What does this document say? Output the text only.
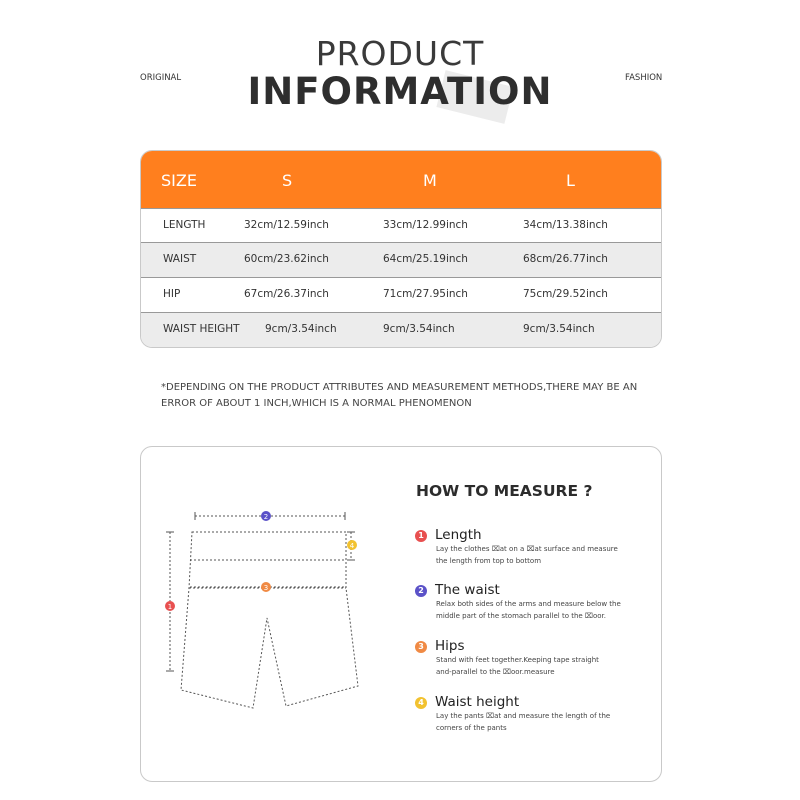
PRODUCT
INFORMATION
ORIGINAL	FASHION
SIZE	S	M	L
LENGTH	32cm/12.59inch	33cm/12.99inch	34cm/13.38inch
WAIST	60cm/23.62inch	64cm/25.19inch	68cm/26.77inch
HIP	67cm/26.37inch	71cm/27.95inch	75cm/29.52inch
WAIST HEIGHT 9cm/3.54inch	9cm/3.54inch	9cm/3.54inch
*DEPENDING ON THE PRODUCT ATTRIBUTES AND MEASUREMENT METHODS,THERE MAY BE AN
ERROR OF ABOUT 1 INCH,WHICH IS A NORMAL PHENOMENON
1
2
3
4
HOW TO MEASURE ?
1 Length
Lay the clothes ⌧at on a ⌧at surface and measure
the length from top to bottom
2 The waist
Relax both sides of the arms and measure below the
middle part of the stomach parallel to the ⌧oor.
3 Hips
Stand with feet together.Keeping tape straight
and-parallel to the ⌧oor.measure
4 Waist height
Lay the pants ⌧at and measure the length of the
corners of the pants
